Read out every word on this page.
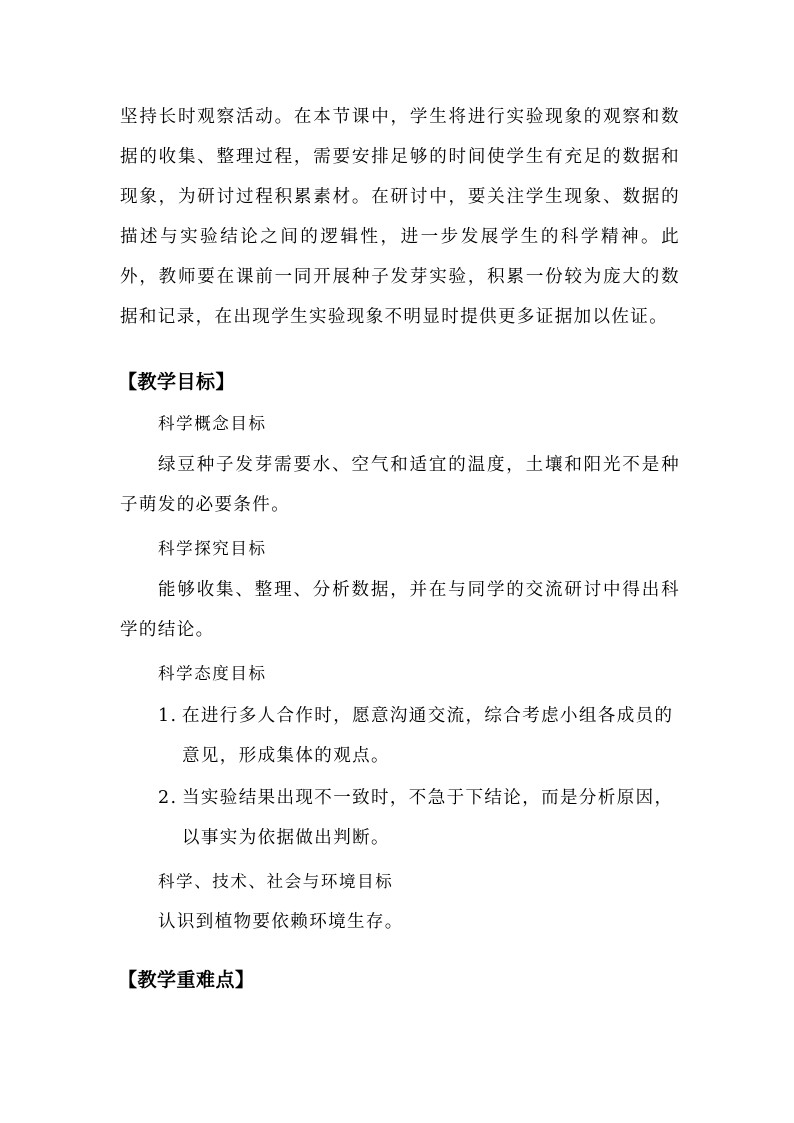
坚持长时观察活动。在本节课中，学生将进行实验现象的观察和数据的收集、整理过程，需要安排足够的时间使学生有充足的数据和现象，为研讨过程积累素材。在研讨中，要关注学生现象、数据的描述与实验结论之间的逻辑性，进一步发展学生的科学精神。此外，教师要在课前一同开展种子发芽实验，积累一份较为庞大的数据和记录，在出现学生实验现象不明显时提供更多证据加以佐证。

【教学目标】

科学概念目标

绿豆种子发芽需要水、空气和适宜的温度，土壤和阳光不是种子萌发的必要条件。

科学探究目标

能够收集、整理、分析数据，并在与同学的交流研讨中得出科学的结论。

科学态度目标

1. 在进行多人合作时，愿意沟通交流，综合考虑小组各成员的
意见，形成集体的观点。
2. 当实验结果出现不一致时，不急于下结论，而是分析原因，
以事实为依据做出判断。

科学、技术、社会与环境目标

认识到植物要依赖环境生存。

【教学重难点】
